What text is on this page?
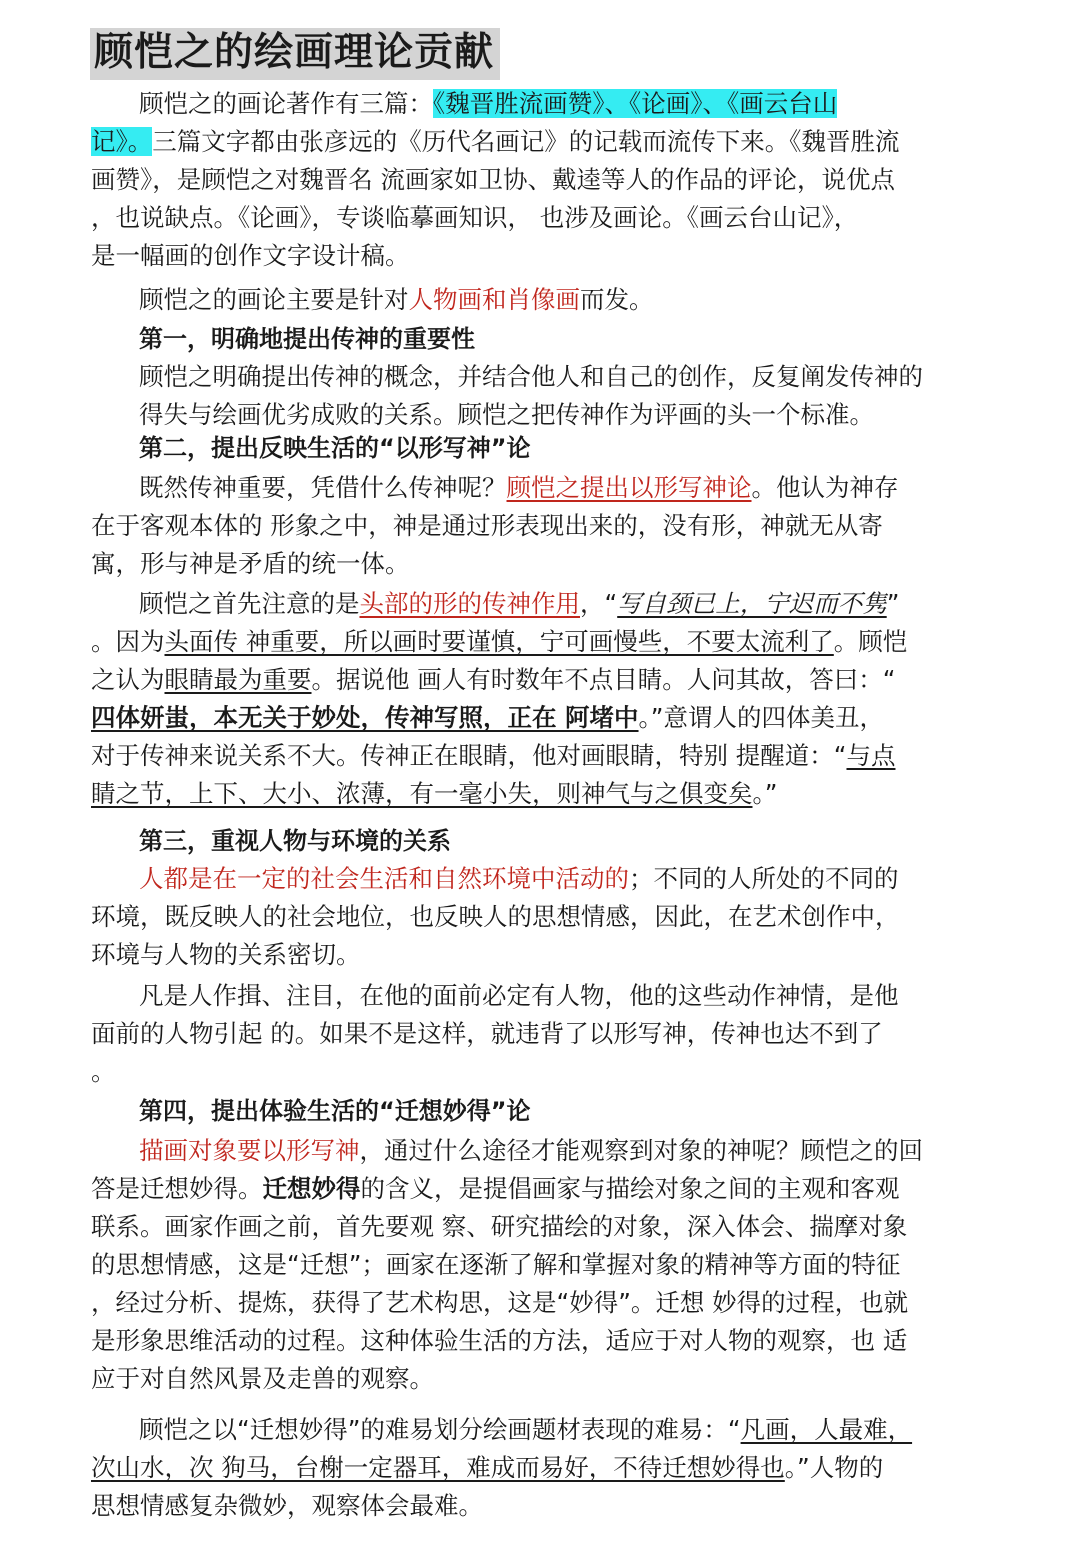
顾恺之的绘画理论贡献
顾恺之的画论著作有三篇：《魏晋胜流画赞》、《论画》、《画云台山
记》。三篇文字都由张彦远的《历代名画记》的记载而流传下来。《魏晋胜流
画赞》，是顾恺之对魏晋名 流画家如卫协、戴逵等人的作品的评论，说优点
，也说缺点。《论画》，专谈临摹画知识， 也涉及画论。《画云台山记》，
是一幅画的创作文字设计稿。
顾恺之的画论主要是针对人物画和肖像画而发。
第一，明确地提出传神的重要性
顾恺之明确提出传神的概念，并结合他人和自己的创作，反复阐发传神的
得失与绘画优劣成败的关系。顾恺之把传神作为评画的头一个标准。
第二，提出反映生活的“以形写神”论
既然传神重要，凭借什么传神呢？顾恺之提出以形写神论。他认为神存
在于客观本体的 形象之中，神是通过形表现出来的，没有形，神就无从寄
寓，形与神是矛盾的统一体。
顾恺之首先注意的是头部的形的传神作用，“写自颈已上，宁迟而不隽”
。因为头面传 神重要，所以画时要谨慎，宁可画慢些，不要太流利了。顾恺
之认为眼睛最为重要。据说他 画人有时数年不点目睛。人问其故，答曰：“
四体妍蚩，本无关于妙处，传神写照，正在 阿堵中。”意谓人的四体美丑，
对于传神来说关系不大。传神正在眼睛，他对画眼睛，特别 提醒道：“与点
睛之节，上下、大小、浓薄，有一毫小失，则神气与之俱变矣。”
第三，重视人物与环境的关系
人都是在一定的社会生活和自然环境中活动的；不同的人所处的不同的
环境，既反映人的社会地位，也反映人的思想情感，因此，在艺术创作中，
环境与人物的关系密切。
凡是人作揖、注目，在他的面前必定有人物，他的这些动作神情，是他
面前的人物引起 的。如果不是这样，就违背了以形写神，传神也达不到了
。
第四，提出体验生活的“迁想妙得”论
描画对象要以形写神，通过什么途径才能观察到对象的神呢？顾恺之的回
答是迁想妙得。迁想妙得的含义，是提倡画家与描绘对象之间的主观和客观
联系。画家作画之前，首先要观 察、研究描绘的对象，深入体会、揣摩对象
的思想情感，这是“迁想”；画家在逐渐了解和掌握对象的精神等方面的特征
，经过分析、提炼，获得了艺术构思，这是“妙得”。迁想 妙得的过程，也就
是形象思维活动的过程。这种体验生活的方法，适应于对人物的观察，也 适
应于对自然风景及走兽的观察。
顾恺之以“迁想妙得”的难易划分绘画题材表现的难易：“凡画，人最难，
次山水，次 狗马，台榭一定器耳，难成而易好，不待迁想妙得也。”人物的
思想情感复杂微妙，观察体会最难。
